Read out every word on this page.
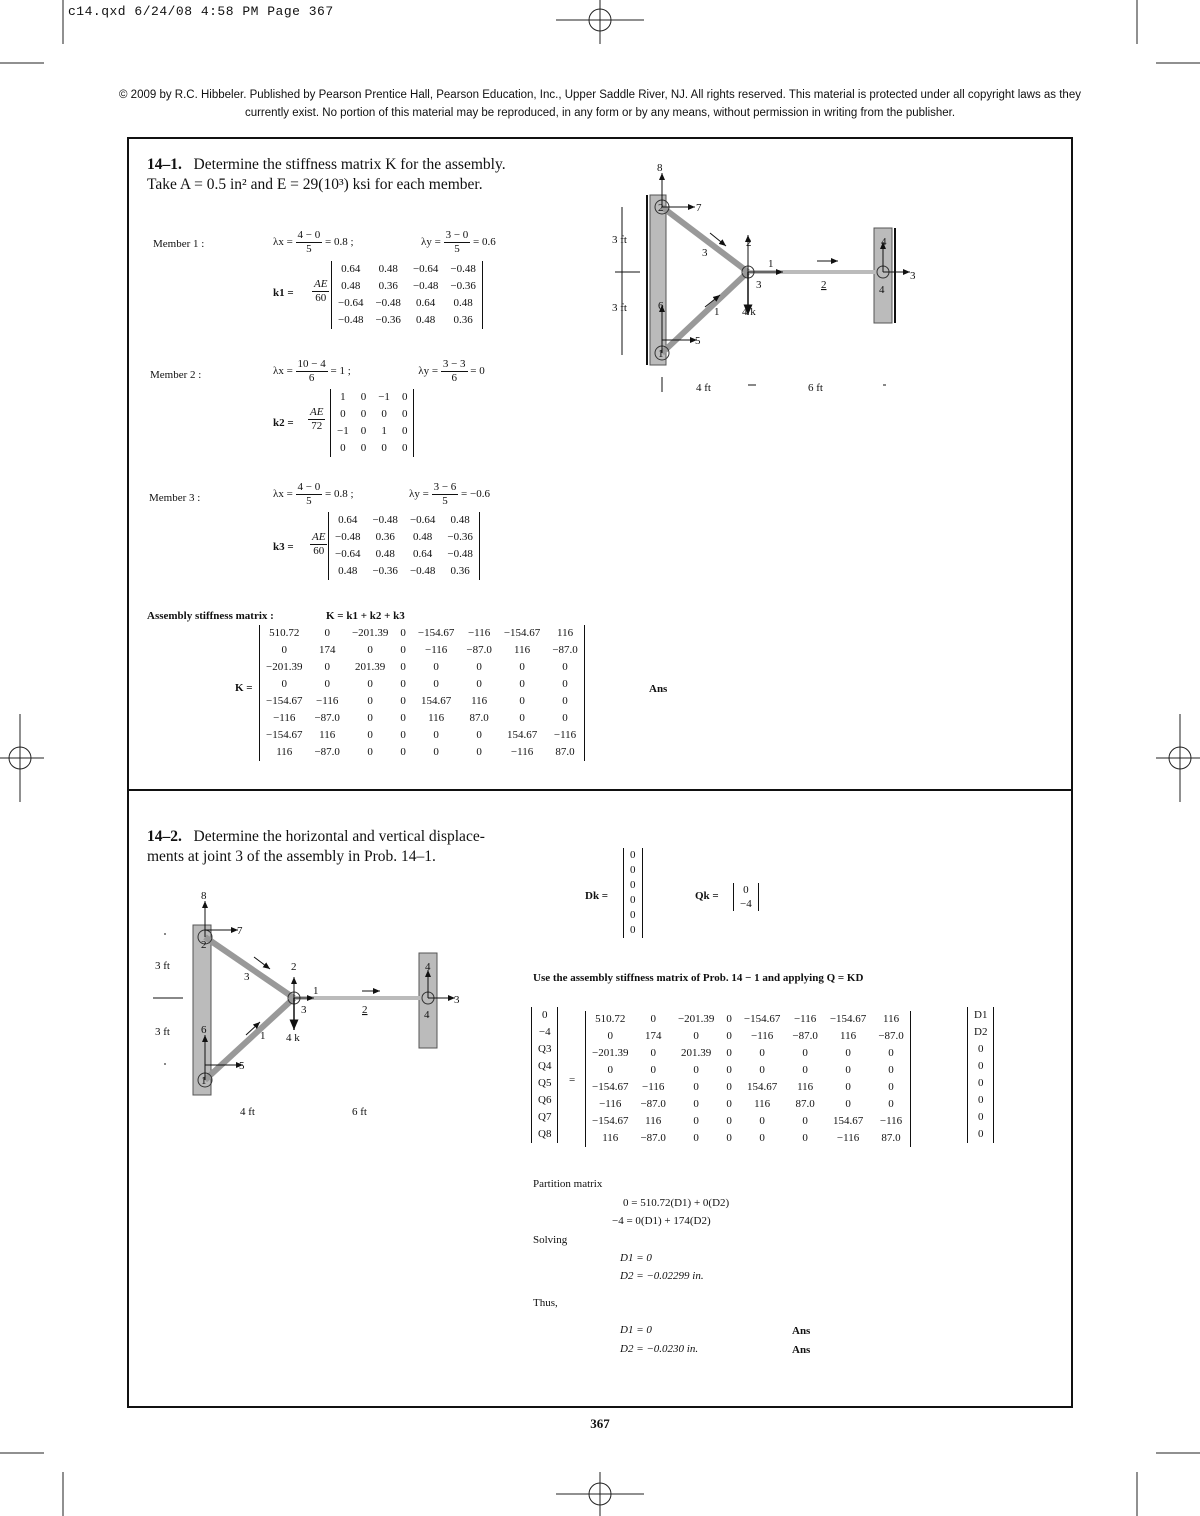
c14.qxd 6/24/08 4:58 PM Page 367
© 2009 by R.C. Hibbeler. Published by Pearson Prentice Hall, Pearson Education, Inc., Upper Saddle River, NJ. All rights reserved. This material is protected under all copyright laws as they currently exist. No portion of this material may be reproduced, in any form or by any means, without permission in writing from the publisher.
14–1. Determine the stiffness matrix K for the assembly.
Take A = 0.5 in² and E = 29(10³) ksi for each member.
Member 1 :	$\lambda x = \frac{4 - 0}{5} = 0.8$ ;	$\lambda y = \frac{3 - 0}{5} = 0.6$
$k1 = \frac{AE}{60}$
0.64	0.48	−0.64	−0.48
0.48	0.36	−0.48	−0.36
−0.64	−0.48	0.64	0.48
−0.48	−0.36	0.48	0.36
Member 2 :	$\lambda x = \frac{10 - 4}{6} = 1$ ;	$\lambda y = \frac{3 - 3}{6} = 0$
$k2 = \frac{AE}{72}$
1	0	−1	0
0	0	0	0
−1	0	1	0
0	0	0	0
Member 3 :	$\lambda x = \frac{4 - 0}{5} = 0.8$ ;	$\lambda y = \frac{3 - 6}{5} = -0.6$
$k3 = \frac{AE}{60}$
0.64	−0.48	−0.64	0.48
−0.48	0.36	0.48	−0.36
−0.64	0.48	0.64	−0.48
0.48	−0.36	−0.48	0.36
Assembly stiffness matrix :	K = k1 + k2 + k3
K =
510.72	0	−201.39	0	−154.67	−116	−154.67	116
0	174	0	0	−116	−87.0	116	−87.0
−201.39	0	201.39	0	0	0	0	0
0	0	0	0	0	0	0	0
−154.67	−116	0	0	154.67	116	0	0
−116	−87.0	0	0	116	87.0	0	0
−154.67	116	0	0	0	0	154.67	−116
116	−87.0	0	0	0	0	−116	87.0
Ans
3 ft
3 ft
4 ft	6 ft
4 k
8
7
6
5
2
1
4
3
2
1
3	4
3
1
2
14–2. Determine the horizontal and vertical displace-
ments at joint 3 of the assembly in Prob. 14–1.
3 ft
3 ft
4 ft	6 ft
4 k
8
7
6
5
2
1
4
3
2
1
3	4
3
1
2
Dk =
0
0
0
0
0
0
Qk = 0
−4
Use the assembly stiffness matrix of Prob. 14 − 1 and applying Q = KD
0
−4
Q3
Q4
Q5
Q6
Q7
Q8
=
510.72	0	−201.39	0	−154.67	−116	−154.67	116
0	174	0	0	−116	−87.0	116	−87.0
−201.39	0	201.39	0	0	0	0	0
0	0	0	0	0	0	0	0
−154.67	−116	0	0	154.67	116	0	0
−116	−87.0	0	0	116	87.0	0	0
−154.67	116	0	0	0	0	154.67	−116
116	−87.0	0	0	0	0	−116	87.0
D1
D2
0
0
0
0
0
0
Partition matrix
0 = 510.72(D1) + 0(D2)
−4 = 0(D1) + 174(D2)
Solving
D1 = 0
D2 = −0.02299 in.
Thus,
D1 = 0
D2 = −0.0230 in.
Ans
Ans
367
